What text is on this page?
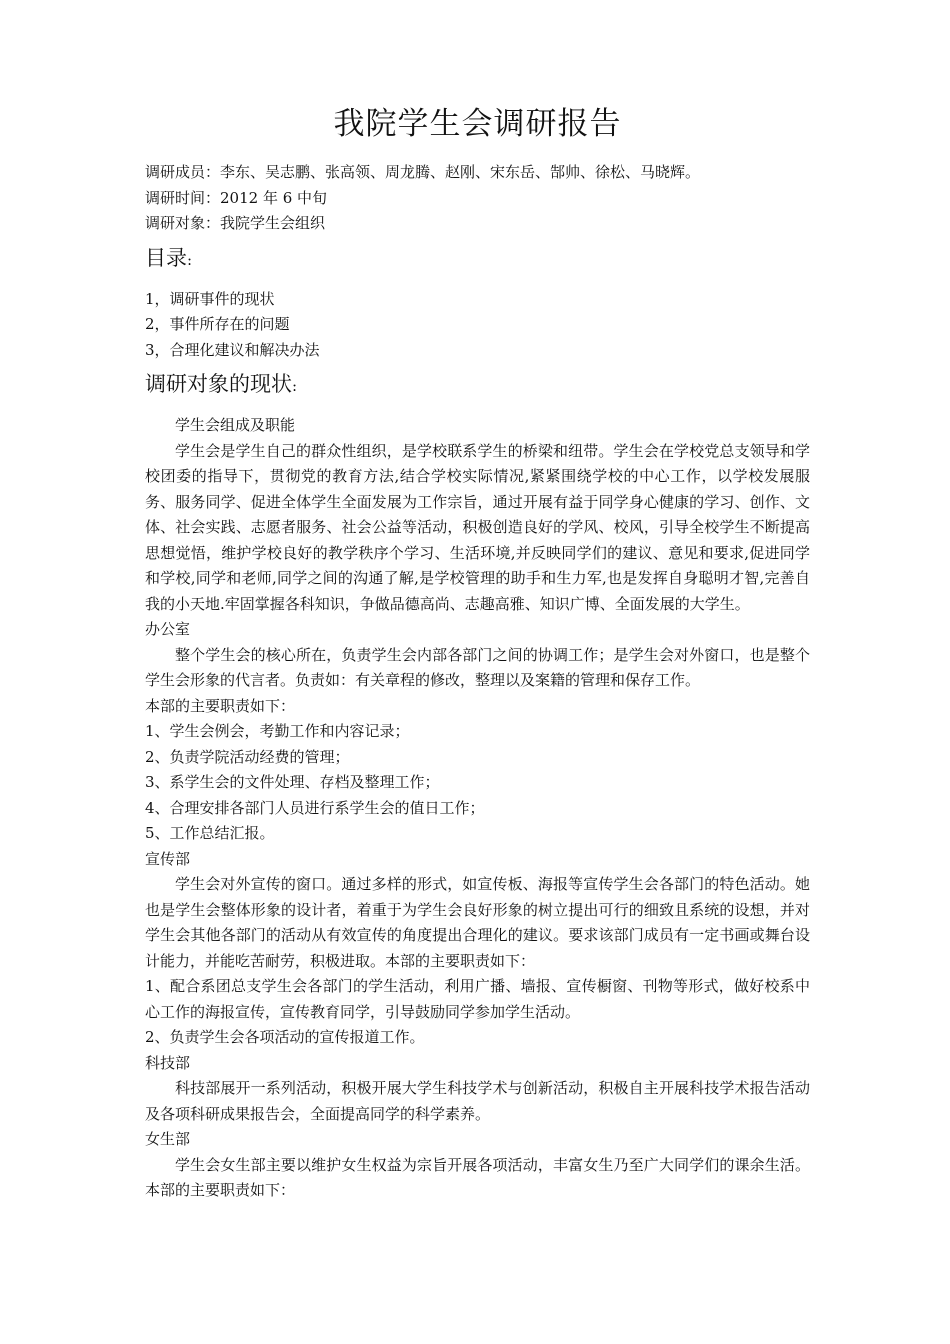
我院学生会调研报告

调研成员：李东、吴志鹏、张高领、周龙腾、赵刚、宋东岳、郜帅、徐松、马晓辉。

调研时间：2012 年 6 中旬

调研对象：我院学生会组织

目录:

1，调研事件的现状

2，事件所存在的问题

3，合理化建议和解决办法

调研对象的现状:

学生会组成及职能

学生会是学生自己的群众性组织，是学校联系学生的桥梁和纽带。学生会在学校党总支领导和学校团委的指导下，贯彻党的教育方法,结合学校实际情况,紧紧围绕学校的中心工作，以学校发展服务、服务同学、促进全体学生全面发展为工作宗旨，通过开展有益于同学身心健康的学习、创作、文体、社会实践、志愿者服务、社会公益等活动，积极创造良好的学风、校风，引导全校学生不断提高思想觉悟，维护学校良好的教学秩序个学习、生活环境,并反映同学们的建议、意见和要求,促进同学和学校,同学和老师,同学之间的沟通了解,是学校管理的助手和生力军,也是发挥自身聪明才智,完善自我的小天地.牢固掌握各科知识，争做品德高尚、志趣高雅、知识广博、全面发展的大学生。

办公室

整个学生会的核心所在，负责学生会内部各部门之间的协调工作；是学生会对外窗口，也是整个学生会形象的代言者。负责如：有关章程的修改，整理以及案籍的管理和保存工作。

本部的主要职责如下：

1、学生会例会，考勤工作和内容记录；

2、负责学院活动经费的管理；

3、系学生会的文件处理、存档及整理工作；

4、合理安排各部门人员进行系学生会的值日工作；

5、工作总结汇报。

宣传部

学生会对外宣传的窗口。通过多样的形式，如宣传板、海报等宣传学生会各部门的特色活动。她也是学生会整体形象的设计者，着重于为学生会良好形象的树立提出可行的细致且系统的设想，并对学生会其他各部门的活动从有效宣传的角度提出合理化的建议。要求该部门成员有一定书画或舞台设计能力，并能吃苦耐劳，积极进取。本部的主要职责如下：

1、配合系团总支学生会各部门的学生活动，利用广播、墙报、宣传橱窗、刊物等形式，做好校系中心工作的海报宣传，宣传教育同学，引导鼓励同学参加学生活动。

2、负责学生会各项活动的宣传报道工作。

科技部

科技部展开一系列活动，积极开展大学生科技学术与创新活动，积极自主开展科技学术报告活动及各项科研成果报告会，全面提高同学的科学素养。

女生部

学生会女生部主要以维护女生权益为宗旨开展各项活动，丰富女生乃至广大同学们的课余生活。本部的主要职责如下：
